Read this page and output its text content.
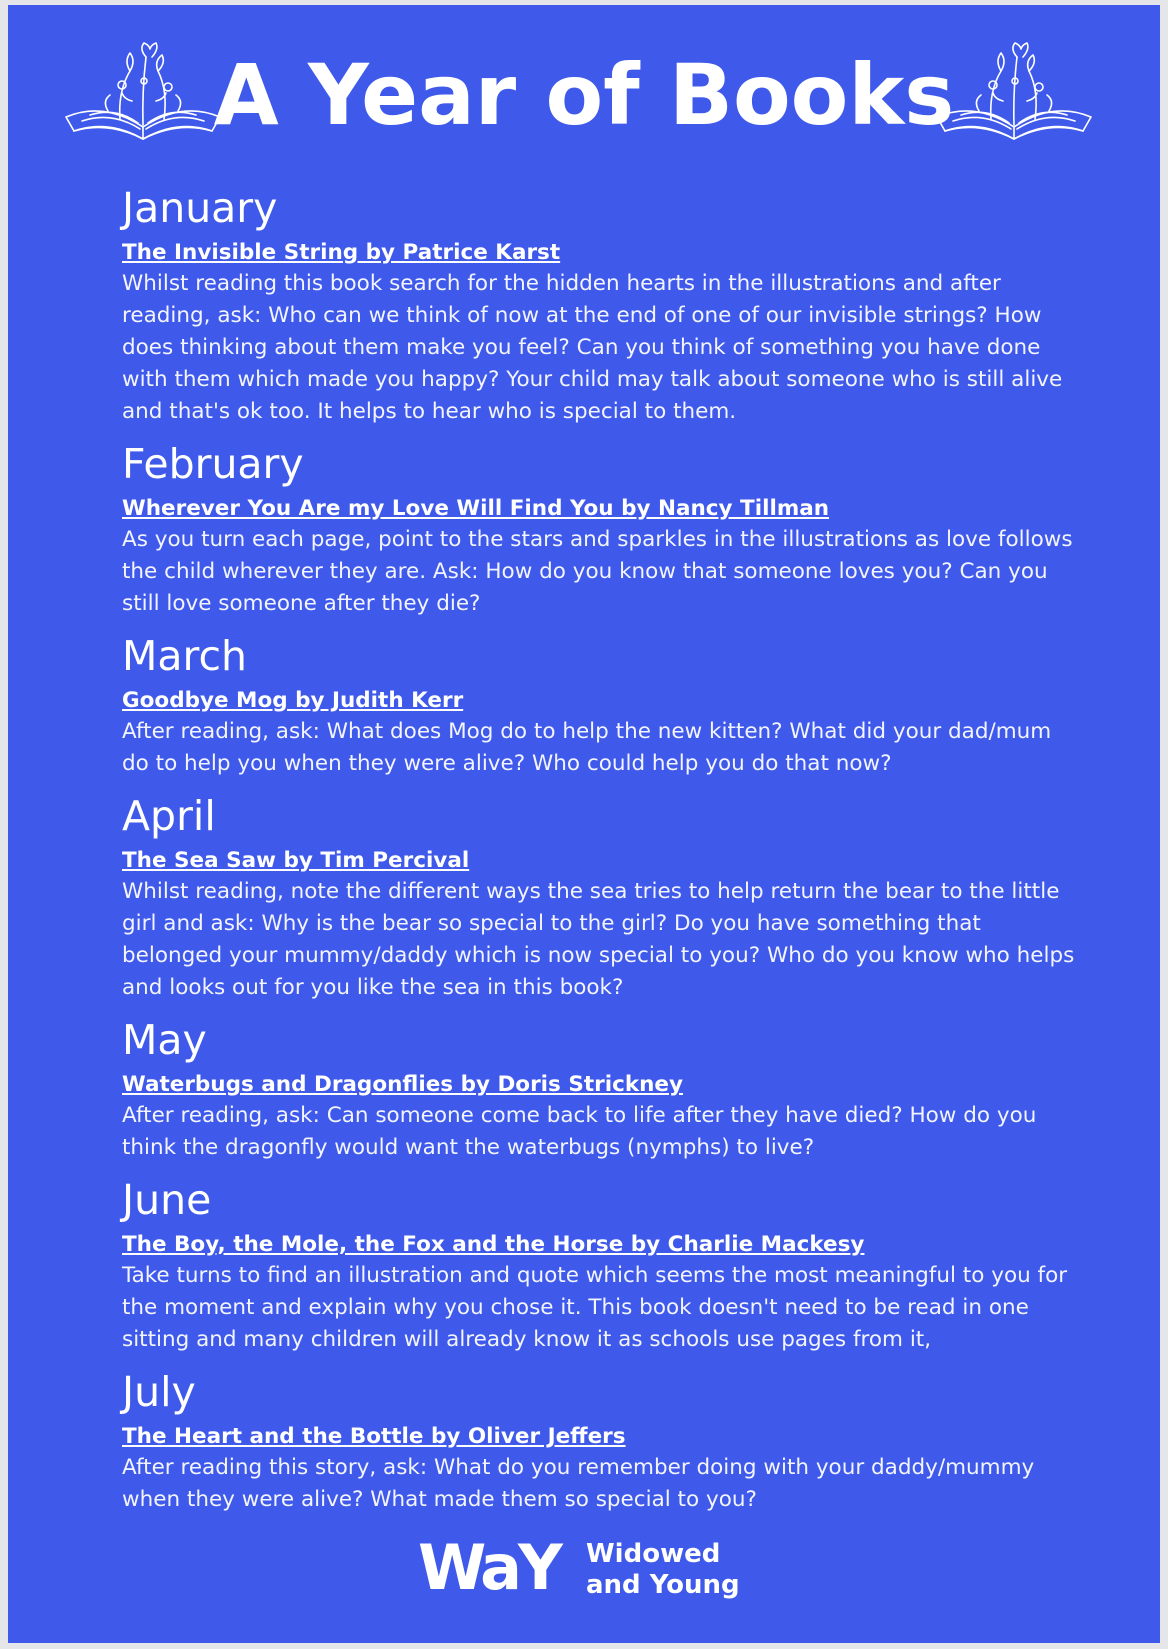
A Year of Books
January
The Invisible String by Patrice Karst

Whilst reading this book search for the hidden hearts in the illustrations and after reading, ask: Who can we think of now at the end of one of our invisible strings? How does thinking about them make you feel? Can you think of something you have done with them which made you happy? Your child may talk about someone who is still alive and that's ok too. It helps to hear who is special to them.

February
Wherever You Are my Love Will Find You by Nancy Tillman

As you turn each page, point to the stars and sparkles in the illustrations as love follows the child wherever they are. Ask: How do you know that someone loves you? Can you still love someone after they die?

March
Goodbye Mog by Judith Kerr

After reading, ask: What does Mog do to help the new kitten? What did your dad/mum do to help you when they were alive? Who could help you do that now?

April
The Sea Saw by Tim Percival

Whilst reading, note the different ways the sea tries to help return the bear to the little girl and ask: Why is the bear so special to the girl? Do you have something that belonged your mummy/daddy which is now special to you? Who do you know who helps and looks out for you like the sea in this book?

May
Waterbugs and Dragonflies by Doris Strickney

After reading, ask: Can someone come back to life after they have died? How do you think the dragonfly would want the waterbugs (nymphs) to live?

June
The Boy, the Mole, the Fox and the Horse by Charlie Mackesy

Take turns to find an illustration and quote which seems the most meaningful to you for the moment and explain why you chose it. This book doesn't need to be read in one sitting and many children will already know it as schools use pages from it,

July
The Heart and the Bottle by Oliver Jeffers

After reading this story, ask: What do you remember doing with your daddy/mummy when they were alive? What made them so special to you?

WaY Widowed
and Young
